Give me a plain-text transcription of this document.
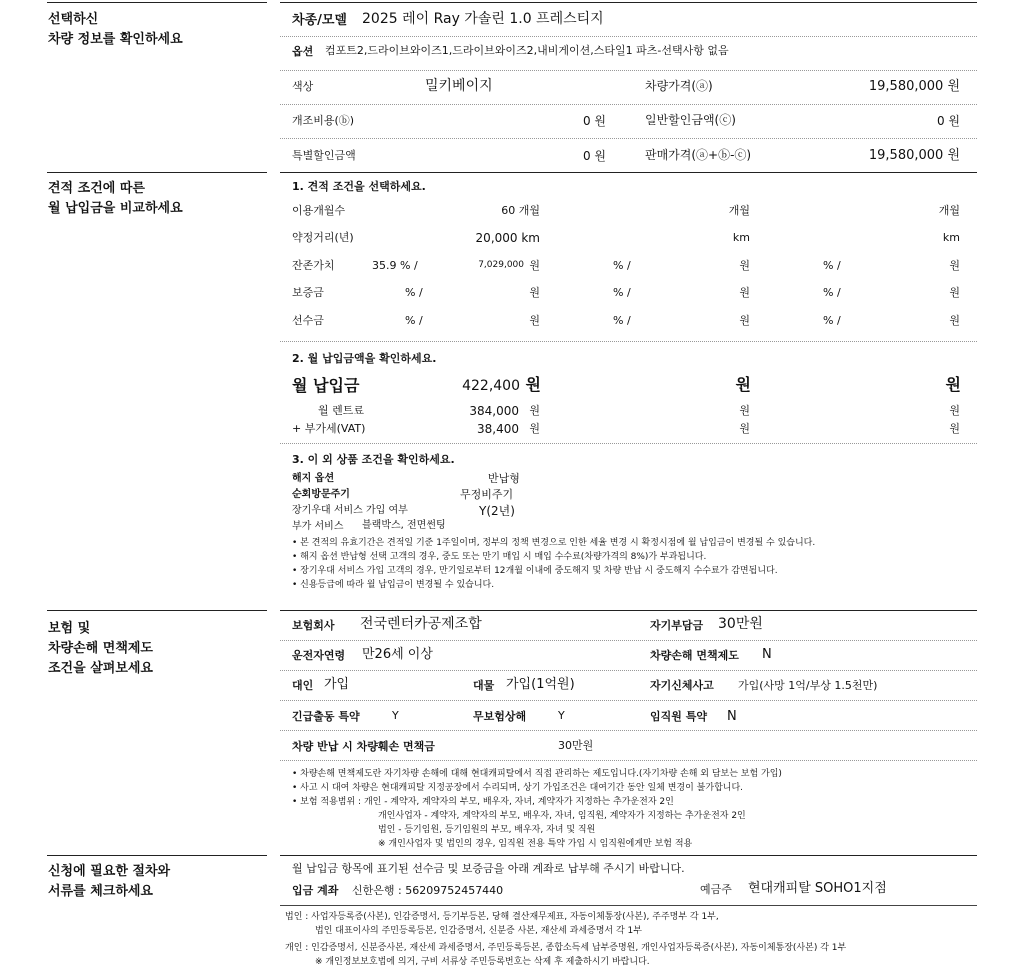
선택하신
차량 정보를 확인하세요
차종/모델 2025 레이 Ray 가솔린 1.0 프레스티지
옵션 컴포트2,드라이브와이즈1,드라이브와이즈2,내비게이션,스타일1 파츠-선택사항 없음
색상	밀키베이지	차량가격(ⓐ)	19,580,000 원
개조비용(ⓑ)	0 원	일반할인금액(ⓒ)	0 원
특별할인금액	0 원	판매가격(ⓐ+ⓑ-ⓒ)	19,580,000 원
견적 조건에 따른
월 납입금을 비교하세요
1. 견적 조건을 선택하세요.
이용개월수	60 개월	개월	개월
약정거리(년)	20,000 km	km	km
잔존가치	35.9 % /	7,029,000 원	% /	원	% /	원
보증금	% /	원	% /	원	% /	원
선수금	% /	원	% /	원	% /	원
2. 월 납입금액을 확인하세요.
월 납입금	422,400 원	원	원
월 렌트료	384,000 원	원	원
+ 부가세(VAT)	38,400 원	원	원
3. 이 외 상품 조건을 확인하세요.
해지 옵션	반납형
순회방문주기	무정비주기
장기우대 서비스 가입 여부	Y(2년)
부가 서비스 블랙박스, 전면썬팅
• 본 견적의 유효기간은 견적일 기준 1주일이며, 정부의 정책 변경으로 인한 세율 변경 시 확정시점에 월 납입금이 변경될 수 있습니다.
• 해지 옵션 반납형 선택 고객의 경우, 중도 또는 만기 매입 시 매입 수수료(차량가격의 8%)가 부과됩니다.
• 장기우대 서비스 가입 고객의 경우, 만기일로부터 12개월 이내에 중도해지 및 차량 반납 시 중도해지 수수료가 감면됩니다.
• 신용등급에 따라 월 납입금이 변경될 수 있습니다.
보험 및
차량손해 면책제도
조건을 살펴보세요
보험회사 전국렌터카공제조합	자기부담금 30만원
운전자연령 만26세 이상	차량손해 면책제도 N
대인 가입	대물 가입(1억원)	자기신체사고 가입(사망 1억/부상 1.5천만)
긴급출동 특약	Y	무보험상해	Y	임직원 특약 N
차량 반납 시 차량훼손 면책금	30만원
• 차량손해 면책제도란 자기차량 손해에 대해 현대캐피탈에서 직접 관리하는 제도입니다.(자기차량 손해 외 담보는 보험 가입)
• 사고 시 대여 차량은 현대캐피탈 지정공장에서 수리되며, 상기 가입조건은 대여기간 동안 일체 변경이 불가합니다.
• 보험 적용범위 : 개인 - 계약자, 계약자의 부모, 배우자, 자녀, 계약자가 지정하는 추가운전자 2인
개인사업자 - 계약자, 계약자의 부모, 배우자, 자녀, 임직원, 계약자가 지정하는 추가운전자 2인
법인 - 등기임원, 등기임원의 부모, 배우자, 자녀 및 직원
※ 개인사업자 및 법인의 경우, 임직원 전용 특약 가입 시 임직원에게만 보험 적용
신청에 필요한 절차와
서류를 체크하세요
월 납입금 항목에 표기된 선수금 및 보증금을 아래 계좌로 납부해 주시기 바랍니다.
입금 계좌 신한은행 : 56209752457440	예금주 현대캐피탈 SOHO1지점
법인 : 사업자등록증(사본), 인감증명서, 등기부등본, 당해 결산재무제표, 자동이체통장(사본), 주주명부 각 1부,
법인 대표이사의 주민등록등본, 인감증명서, 신분증 사본, 재산세 과세증명서 각 1부
개인 : 인감증명서, 신분증사본, 재산세 과세증명서, 주민등록등본, 종합소득세 납부증명원, 개인사업자등록증(사본), 자동이체통장(사본) 각 1부
※ 개인정보보호법에 의거, 구비 서류상 주민등록번호는 삭제 후 제출하시기 바랍니다.
